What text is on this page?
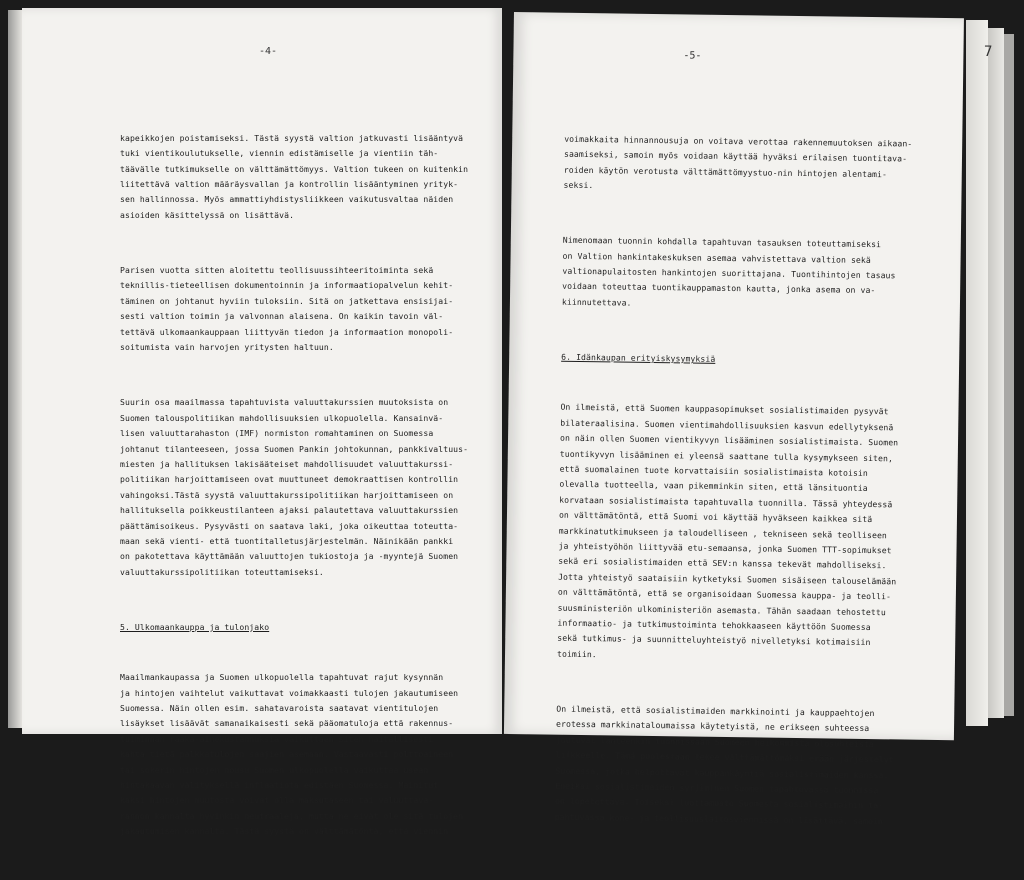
-4-

kapeikkojen poistamiseksi. Tästä syystä valtion jatkuvasti lisääntyvä
tuki vientikoulutukselle, viennin edistämiselle ja vientiin täh-
täävälle tutkimukselle on välttämättömyys. Valtion tukeen on kuitenkin
liitettävä valtion määräysvallan ja kontrollin lisääntyminen yrityk-
sen hallinnossa. Myös ammattiyhdistysliikkeen vaikutusvaltaa näiden
asioiden käsittelyssä on lisättävä.

Parisen vuotta sitten aloitettu teollisuussihteeritoiminta sekä
teknillis-tieteellisen dokumentoinnin ja informaatiopalvelun kehit-
täminen on johtanut hyviin tuloksiin. Sitä on jatkettava ensisijai-
sesti valtion toimin ja valvonnan alaisena. On kaikin tavoin väl-
tettävä ulkomaankauppaan liittyvän tiedon ja informaation monopoli-
soitumista vain harvojen yritysten haltuun.

Suurin osa maailmassa tapahtuvista valuuttakurssien muutoksista on
Suomen talouspolitiikan mahdollisuuksien ulkopuolella. Kansainvä-
lisen valuuttarahaston (IMF) normiston romahtaminen on Suomessa
johtanut tilanteeseen, jossa Suomen Pankin johtokunnan, pankkivaltuus-
miesten ja hallituksen lakisääteiset mahdollisuudet valuuttakurssi-
politiikan harjoittamiseen ovat muuttuneet demokraattisen kontrollin
vahingoksi.Tästä syystä valuuttakurssipolitiikan harjoittamiseen on
hallituksella poikkeustilanteen ajaksi palautettava valuuttakurssien
päättämisoikeus. Pysyvästi on saatava laki, joka oikeuttaa toteutta-
maan sekä vienti- että tuontitalletusjärjestelmän. Näinikään pankki
on pakotettava käyttämään valuuttojen tukiostoja ja -myyntejä Suomen
valuuttakurssipolitiikan toteuttamiseksi.

5. Ulkomaankauppa ja tulonjako

Maailmankaupassa ja Suomen ulkopuolella tapahtuvat rajut kysynnän
ja hintojen vaihtelut vaikuttavat voimakkaasti tulojen jakautumiseen
Suomessa. Näin ollen esim. sahatavaroista saatavat vientitulojen
lisäykset lisäävät samanaikaisesti sekä pääomatuloja että rakennus-
tuiminnan raaka-ainekustannuksia vaikuttaen siten haitallisesti
kahta tietä palkkatulojen saajien asemaan. Vastaavasti polttoaineen
tai sokerin hintojen nousu Suomen ulkopuolella vaikuttaa usean
hintakaavan välityksellä inflaatiota edistäen Suomessa. Mainitut
kaksi hintojen muutosta voivat olla maksutaseen tai valuuttava-
rannon kannalta hyvinkin neutraaleja, mutta ne eivät ole sitä tulojen
jakautumisen kannalta. Tästä syystä on välttämätöntä, että viennin

-5-

voimakkaita hinnannousuja on voitava verottaa rakennemuutoksen aikaan-
saamiseksi, samoin myös voidaan käyttää hyväksi erilaisen tuontitava-
roiden käytön verotusta välttämättömyystuo-nin hintojen alentami-
seksi.

Nimenomaan tuonnin kohdalla tapahtuvan tasauksen toteuttamiseksi
on Valtion hankintakeskuksen asemaa vahvistettava valtion sekä
valtionapulaitosten hankintojen suorittajana. Tuontihintojen tasaus
voidaan toteuttaa tuontikauppamaston kautta, jonka asema on va-
kiinnutettava.

6. Idänkaupan erityiskysymyksiä

On ilmeistä, että Suomen kauppasopimukset sosialistimaiden pysyvät
bilateraalisina. Suomen vientimahdollisuuksien kasvun edellytyksenä
on näin ollen Suomen vientikyvyn lisääminen sosialistimaista. Suomen
tuontikyvyn lisääminen ei yleensä saattane tulla kysymykseen siten,
että suomalainen tuote korvattaisiin sosialistimaista kotoisin
olevalla tuotteella, vaan pikemminkin siten, että länsituontia
korvataan sosialistimaista tapahtuvalla tuonnilla. Tässä yhteydessä
on välttämätöntä, että Suomi voi käyttää hyväkseen kaikkea sitä
markkinatutkimukseen ja taloudelliseen , tekniseen sekä teolliseen
ja yhteistyöhön liittyvää etu-semaansa, jonka Suomen TTT-sopimukset
sekä eri sosialistimaiden että SEV:n kanssa tekevät mahdolliseksi.
Jotta yhteistyö saataisiin kytketyksi Suomen sisäiseen talouselämään
on välttämätöntä, että se organisoidaan Suomessa kauppa- ja teolli-
suusministeriön ulkoministeriön asemasta. Tähän saadaan tehostettu
informaatio- ja tutkimustoiminta tehokkaaseen käyttöön Suomessa
sekä tutkimus- ja suunnitteluyhteistyö nivelletyksi kotimaisiin
toimiin.

On ilmeistä, että sosialistimaiden markkinointi ja kauppaehtojen
erotessa markkinataloumaissa käytetyistä, ne erikseen suhteessa
joutuvat länteenkin tuonnissaan Suomeen heikommista olosuhteista
liikkeelle. Tämä puolestaan tekee välttämättömäksi erään järjestelyt
Suomessa, jotka helpottavat kauppankäyntiä sosialistimaiden kanssa.
Eneiksi sosialistimaiden syrjiminen Suomen tapahtuvassa tuonnissa
on lopetettava. Toiseksi luottamusto Suomesta sosialistimaihin ta-
pahtuvassa kone- ja teollisuuslaitosviennissä on lisättävä, samoin

7
